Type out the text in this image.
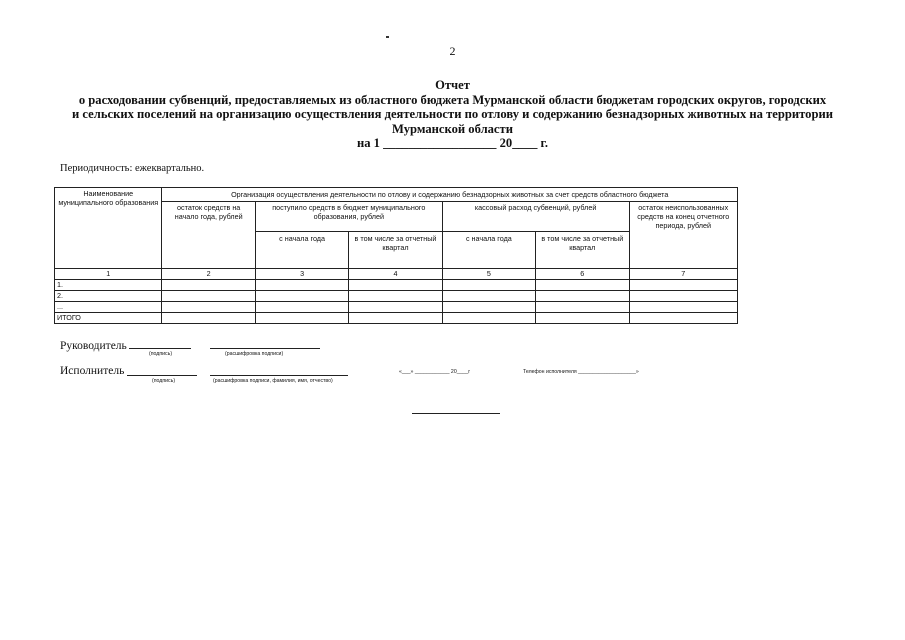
2
Отчет
о расходовании субвенций, предоставляемых из областного бюджета Мурманской области бюджетам городских округов, городских
и сельских поселений на организацию осуществления деятельности по отлову и содержанию безнадзорных животных на территории
Мурманской области
на 1 __________________ 20____ г.
Периодичность: ежеквартально.
Наименование муниципального образования	Организация осуществления деятельности по отлову и содержанию безнадзорных животных за счет средств областного бюджета					
	остаток средств на начало года, рублей	поступило средств в бюджет муниципального образования, рублей		кассовый расход субвенций, рублей		остаток неиспользованных средств на конец отчетного периода, рублей
		с начала года	в том числе за отчетный квартал	с начала года	в том числе за отчетный квартал	
1	2	3	4	5	6	7
1.						
2.						
...						
ИТОГО						
Руководитель
(подпись)	(расшифровка подписи)
Исполнитель
(подпись)	(расшифровка подписи, фамилия, имя, отчество)
«___» ____________ 20____г	Телефон исполнителя ____________________»
